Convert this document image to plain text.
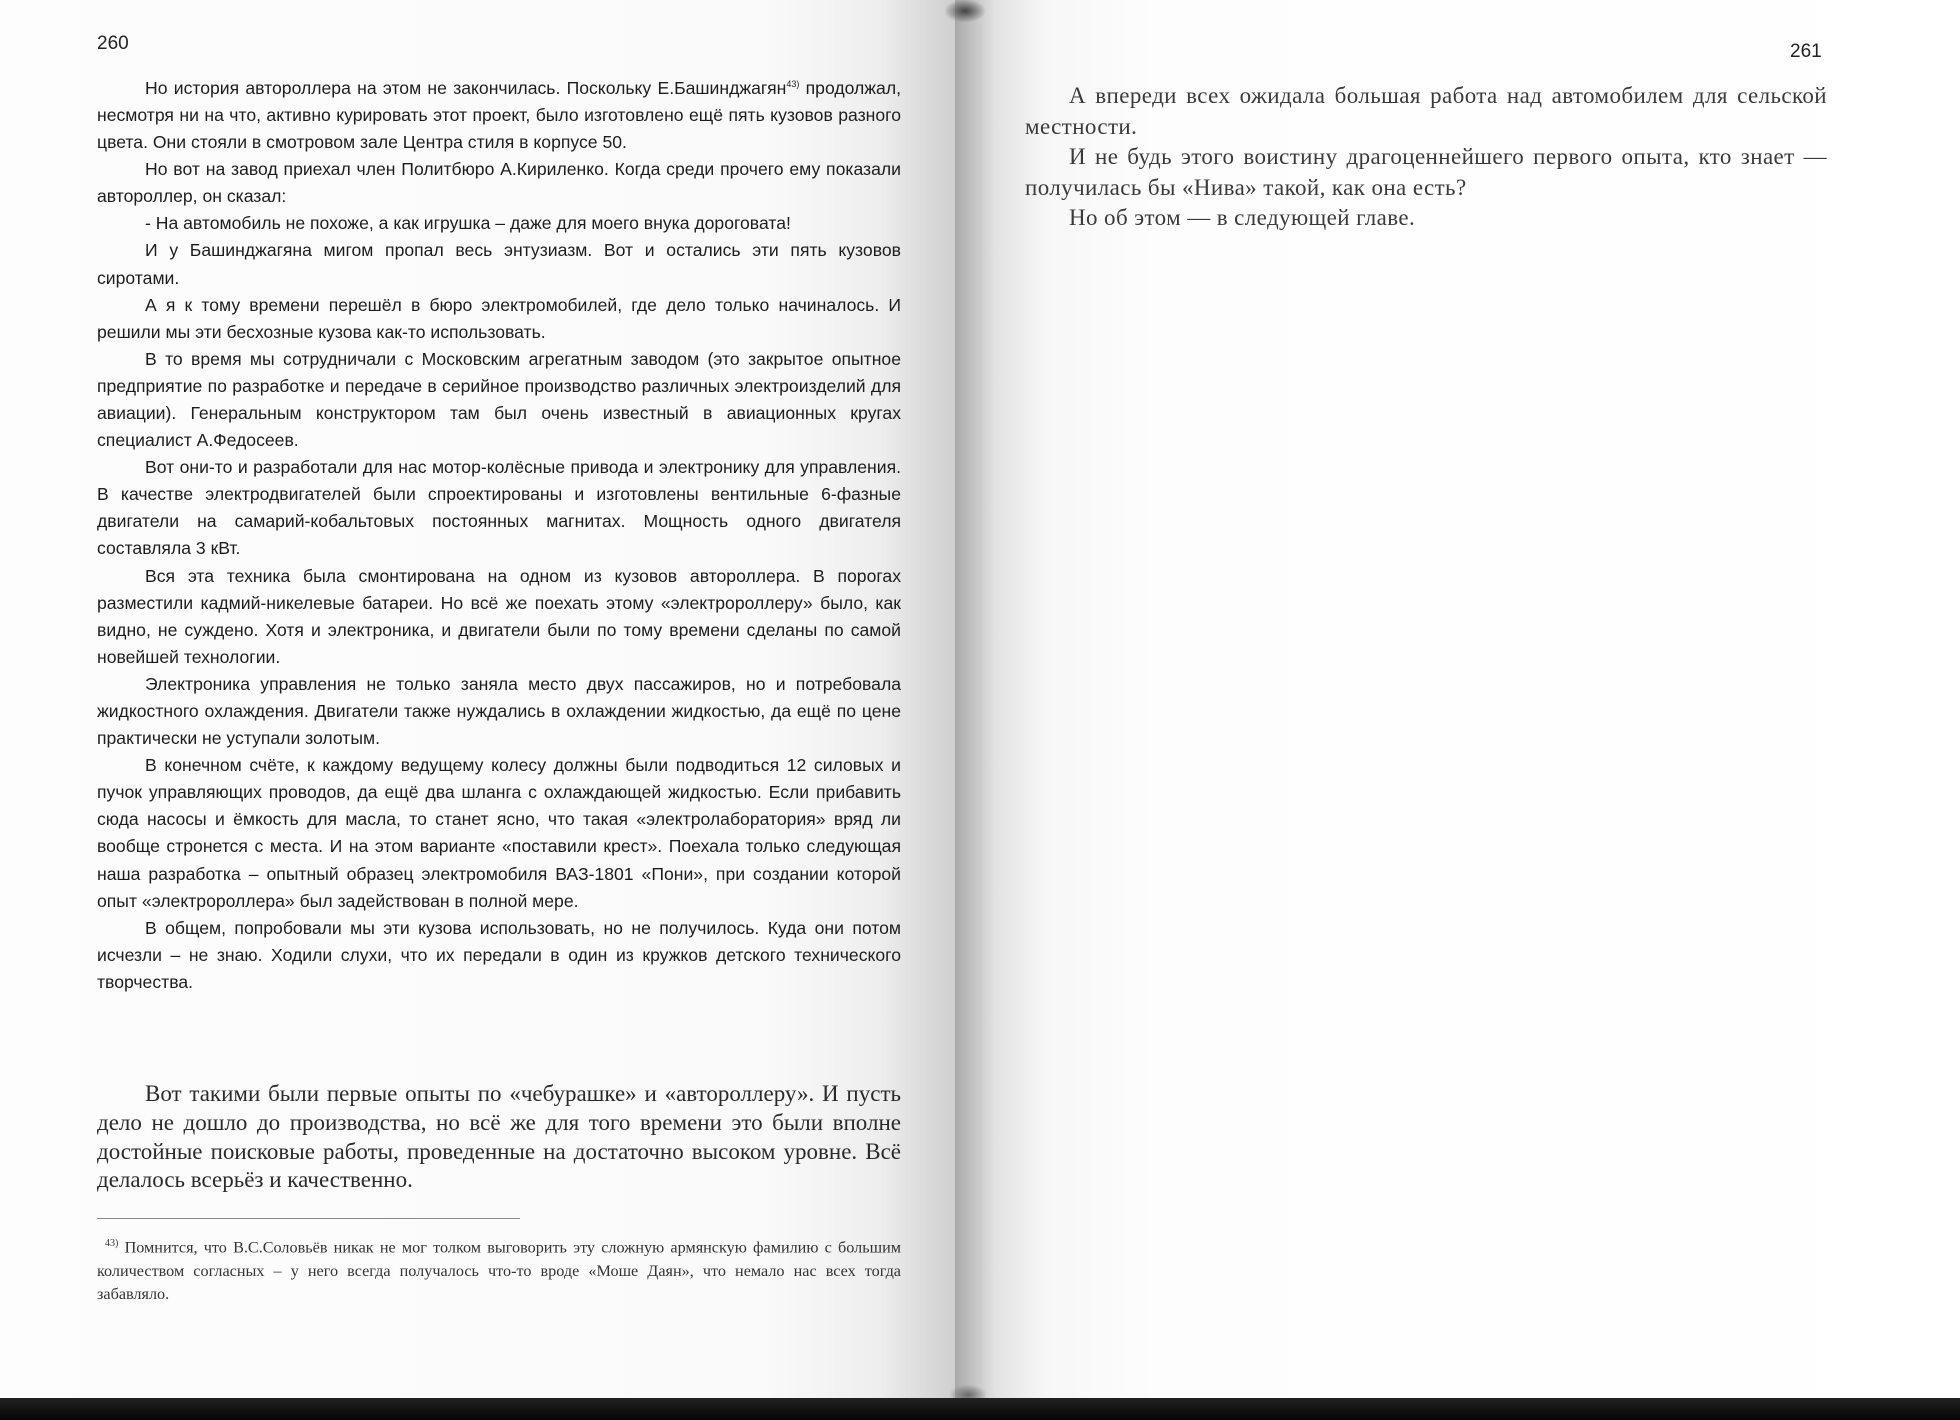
260

Но история автороллера на этом не закончилась. Поскольку Е.Башинджагян$^{43)}$ продолжал, несмотря ни на что, активно курировать этот проект, было изготовлено ещё пять кузовов разного цвета. Они стояли в смотровом зале Центра стиля в корпусе 50.

Но вот на завод приехал член Политбюро А.Кириленко. Когда среди прочего ему показали автороллер, он сказал:

- На автомобиль не похоже, а как игрушка – даже для моего внука дороговата!

И у Башинджагяна мигом пропал весь энтузиазм. Вот и остались эти пять кузовов сиротами.

А я к тому времени перешёл в бюро электромобилей, где дело только начиналось. И решили мы эти бесхозные кузова как-то использовать.

В то время мы сотрудничали с Московским агрегатным заводом (это закрытое опытное предприятие по разработке и передаче в серийное производство различных электроизделий для авиации). Генеральным конструктором там был очень известный в авиационных кругах специалист А.Федосеев.

Вот они-то и разработали для нас мотор-колёсные привода и электронику для управления. В качестве электродвигателей были спроектированы и изготовлены вентильные 6-фазные двигатели на самарий-кобальтовых постоянных магнитах. Мощность одного двигателя составляла 3 кВт.

Вся эта техника была смонтирована на одном из кузовов автороллера. В порогах разместили кадмий-никелевые батареи. Но всё же поехать этому «электророллеру» было, как видно, не суждено. Хотя и электроника, и двигатели были по тому времени сделаны по самой новейшей технологии.

Электроника управления не только заняла место двух пассажиров, но и потребовала жидкостного охлаждения. Двигатели также нуждались в охлаждении жидкостью, да ещё по цене практически не уступали золотым.

В конечном счёте, к каждому ведущему колесу должны были подводиться 12 силовых и пучок управляющих проводов, да ещё два шланга с охлаждающей жидкостью. Если прибавить сюда насосы и ёмкость для масла, то станет ясно, что такая «электролаборатория» вряд ли вообще стронется с места. И на этом варианте «поставили крест». Поехала только следующая наша разработка – опытный образец электромобиля ВАЗ-1801 «Пони», при создании которой опыт «электророллера» был задействован в полной мере.

В общем, попробовали мы эти кузова использовать, но не получилось. Куда они потом исчезли – не знаю. Ходили слухи, что их передали в один из кружков детского технического творчества.

Вот такими были первые опыты по «чебурашке» и «автороллеру». И пусть дело не дошло до производства, но всё же для того времени это были вполне достойные поисковые работы, проведенные на достаточно высоком уровне. Всё делалось всерьёз и качественно.

$^{43)}$ Помнится, что В.С.Соловьёв никак не мог толком выговорить эту сложную армянскую фамилию с большим количеством согласных – у него всегда получалось что-то вроде «Моше Даян», что немало нас всех тогда забавляло.

261

А впереди всех ожидала большая работа над автомобилем для сельской местности.

И не будь этого воистину драгоценнейшего первого опыта, кто знает — получилась бы «Нива» такой, как она есть?

Но об этом — в следующей главе.
